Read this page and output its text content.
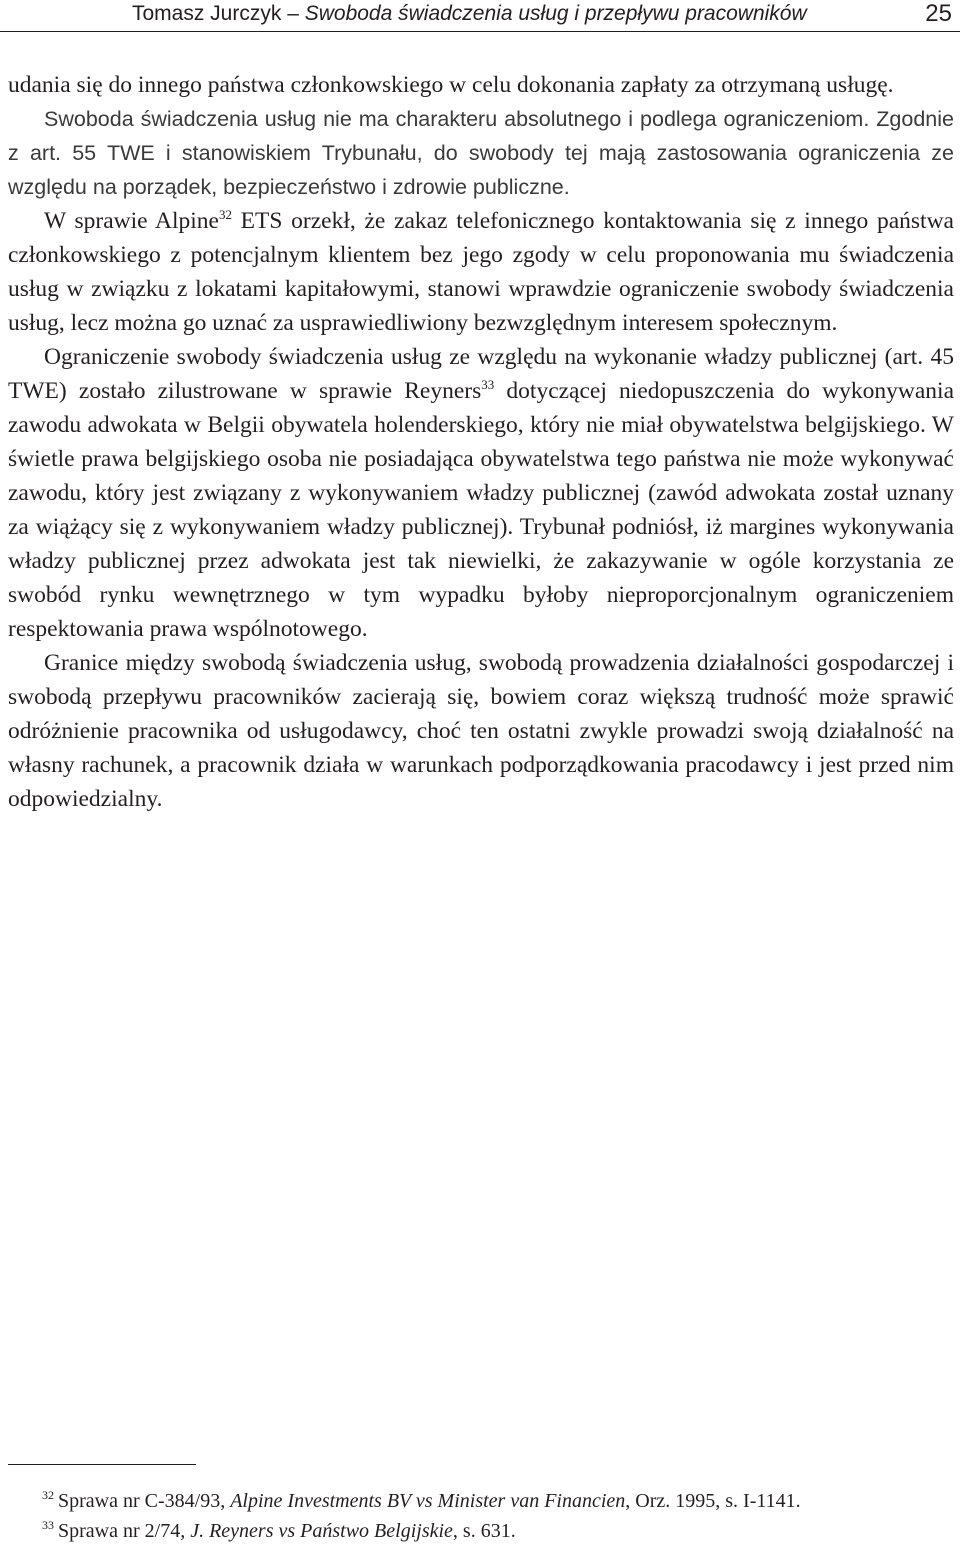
Tomasz Jurczyk – Swoboda świadczenia usług i przepływu pracowników	25

udania się do innego państwa członkowskiego w celu dokonania zapłaty za otrzymaną usługę.

Swoboda świadczenia usług nie ma charakteru absolutnego i podlega ograniczeniom. Zgodnie z art. 55 TWE i stanowiskiem Trybunału, do swobody tej mają zastosowania ograniczenia ze względu na porządek, bezpieczeństwo i zdrowie publiczne.

W sprawie Alpine$^{32}$ ETS orzekł, że zakaz telefonicznego kontaktowania się z innego państwa członkowskiego z potencjalnym klientem bez jego zgody w celu proponowania mu świadczenia usług w związku z lokatami kapitałowymi, stanowi wprawdzie ograniczenie swobody świadczenia usług, lecz można go uznać za usprawiedliwiony bezwzględnym interesem społecznym.

Ograniczenie swobody świadczenia usług ze względu na wykonanie władzy publicznej (art. 45 TWE) zostało zilustrowane w sprawie Reyners$^{33}$ dotyczącej niedopuszczenia do wykonywania zawodu adwokata w Belgii obywatela holenderskiego, który nie miał obywatelstwa belgijskiego. W świetle prawa belgijskiego osoba nie posiadająca obywatelstwa tego państwa nie może wykonywać zawodu, który jest związany z wykonywaniem władzy publicznej (zawód adwokata został uznany za wiążący się z wykonywaniem władzy publicznej). Trybunał podniósł, iż margines wykonywania władzy publicznej przez adwokata jest tak niewielki, że zakazywanie w ogóle korzystania ze swobód rynku wewnętrznego w tym wypadku byłoby nieproporcjonalnym ograniczeniem respektowania prawa wspólnotowego.

Granice między swobodą świadczenia usług, swobodą prowadzenia działalności gospodarczej i swobodą przepływu pracowników zacierają się, bowiem coraz większą trudność może sprawić odróżnienie pracownika od usługodawcy, choć ten ostatni zwykle prowadzi swoją działalność na własny rachunek, a pracownik działa w warunkach podporządkowania pracodawcy i jest przed nim odpowiedzialny.

$^{32}$ Sprawa nr C-384/93, Alpine Investments BV vs Minister van Financien, Orz. 1995, s. I-1141.

$^{33}$ Sprawa nr 2/74, J. Reyners vs Państwo Belgijskie, s. 631.
